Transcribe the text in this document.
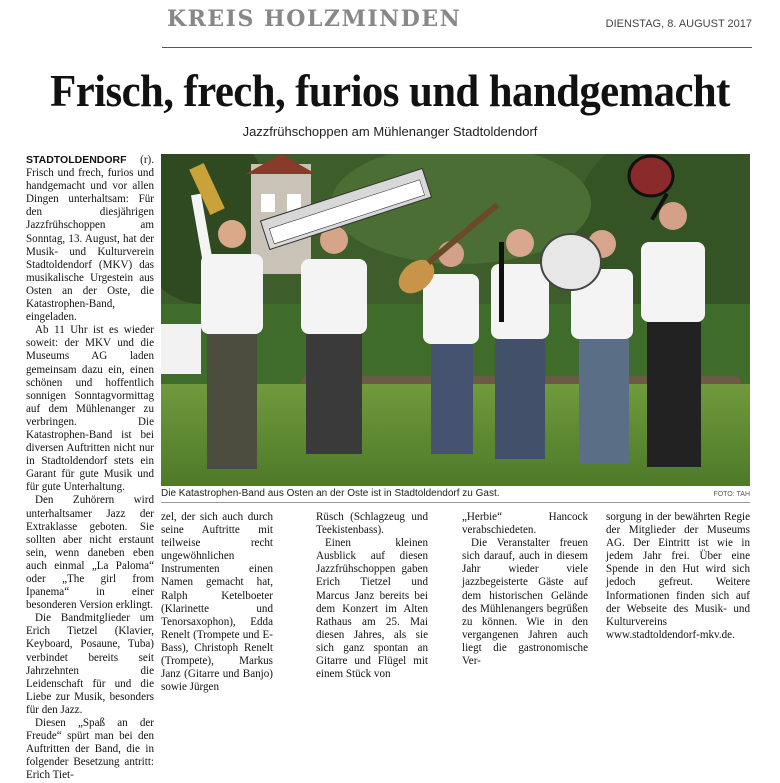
KREIS HOLZMINDEN	DIENSTAG, 8. AUGUST 2017
Frisch, frech, furios und handgemacht
Jazzfrühschoppen am Mühlenanger Stadtoldendorf

STADTOLDENDORF (r). Frisch und frech, furios und handgemacht und vor allen Dingen unterhaltsam: Für den diesjährigen Jazzfrühschoppen am Sonntag, 13. August, hat der Musik- und Kulturverein Stadtoldendorf (MKV) das musikalische Urgestein aus Osten an der Oste, die Katastrophen-Band, eingeladen.

Ab 11 Uhr ist es wieder soweit: der MKV und die Museums AG laden gemeinsam dazu ein, einen schönen und hoffentlich sonnigen Sonntagvormittag auf dem Mühlenanger zu verbringen. Die Katastrophen-Band ist bei diversen Auftritten nicht nur in Stadtoldendorf stets ein Garant für gute Musik und für gute Unterhaltung.

Den Zuhörern wird unterhaltsamer Jazz der Extraklasse geboten. Sie sollten aber nicht erstaunt sein, wenn daneben eben auch einmal „La Paloma“ oder „The girl from Ipanema“ in einer besonderen Version erklingt.

Die Bandmitglieder um Erich Tietzel (Klavier, Keyboard, Posaune, Tuba) verbindet bereits seit Jahrzehnten die Leidenschaft für und die Liebe zur Musik, besonders für den Jazz.

Diesen „Spaß an der Freude“ spürt man bei den Auftritten der Band, die in folgender Besetzung antritt: Erich Tiet-

Die Katastrophen-Band aus Osten an der Oste ist in Stadtoldendorf zu Gast.	FOTO: TAH

zel, der sich auch durch seine Auftritte mit teilweise recht ungewöhnlichen Instrumenten einen Namen gemacht hat, Ralph Ketelboeter (Klarinette und Tenorsaxophon), Edda Renelt (Trompete und E-Bass), Christoph Renelt (Trompete), Markus Janz (Gitarre und Banjo) sowie Jürgen

Rüsch (Schlagzeug und Teekistenbass).

Einen kleinen Ausblick auf diesen Jazzfrühschoppen gaben Erich Tietzel und Marcus Janz bereits bei dem Konzert im Alten Rathaus am 25. Mai diesen Jahres, als sie sich ganz spontan an Gitarre und Flügel mit einem Stück von

„Herbie“ Hancock verabschiedeten.

Die Veranstalter freuen sich darauf, auch in diesem Jahr wieder viele jazzbegeisterte Gäste auf dem historischen Gelände des Mühlenangers begrüßen zu können. Wie in den vergangenen Jahren auch liegt die gastronomische Ver-

sorgung in der bewährten Regie der Mitglieder der Museums AG. Der Eintritt ist wie in jedem Jahr frei. Über eine Spende in den Hut wird sich jedoch gefreut. Weitere Informationen finden sich auf der Webseite des Musik- und Kulturvereins www.stadtoldendorf-mkv.de.
